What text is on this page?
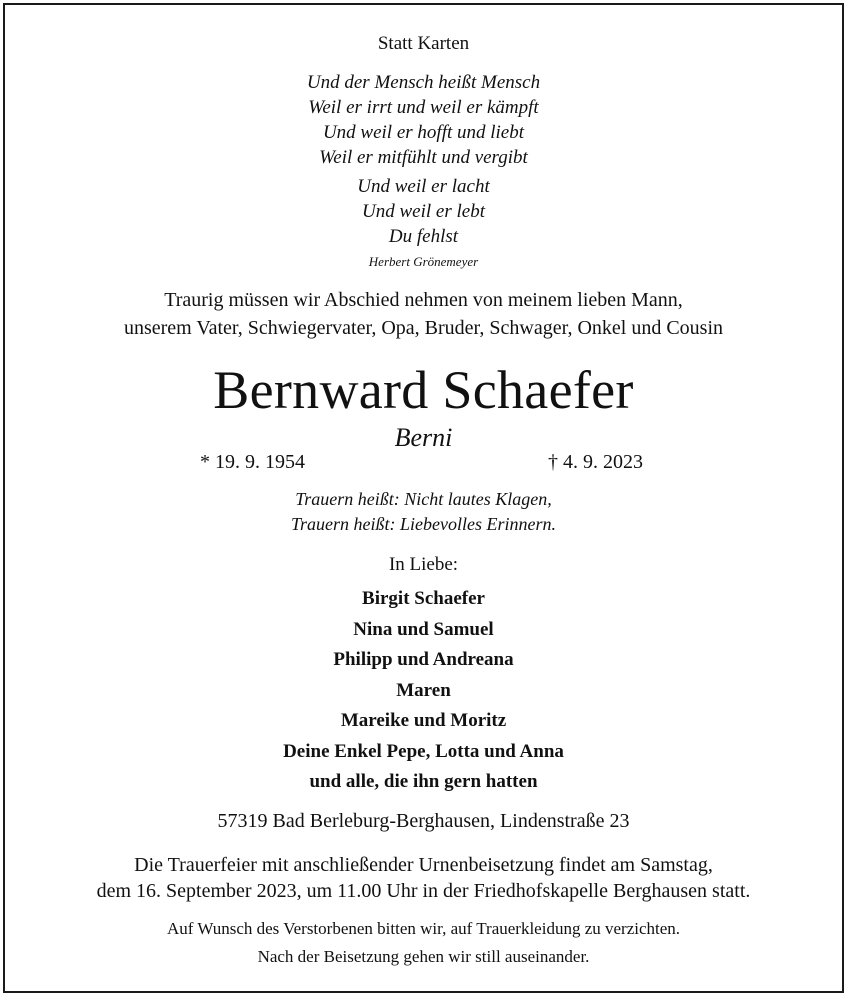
Statt Karten
Und der Mensch heißt Mensch
Weil er irrt und weil er kämpft
Und weil er hofft und liebt
Weil er mitfühlt und vergibt
Und weil er lacht
Und weil er lebt
Du fehlst
Herbert Grönemeyer
Traurig müssen wir Abschied nehmen von meinem lieben Mann,
unserem Vater, Schwiegervater, Opa, Bruder, Schwager, Onkel und Cousin
Bernward Schaefer
Berni
* 19. 9. 1954	† 4. 9. 2023
Trauern heißt: Nicht lautes Klagen,
Trauern heißt: Liebevolles Erinnern.
In Liebe:
Birgit Schaefer
Nina und Samuel
Philipp und Andreana
Maren
Mareike und Moritz
Deine Enkel Pepe, Lotta und Anna
und alle, die ihn gern hatten
57319 Bad Berleburg-Berghausen, Lindenstraße 23
Die Trauerfeier mit anschließender Urnenbeisetzung findet am Samstag,
dem 16. September 2023, um 11.00 Uhr in der Friedhofskapelle Berghausen statt.
Auf Wunsch des Verstorbenen bitten wir, auf Trauerkleidung zu verzichten.
Nach der Beisetzung gehen wir still auseinander.
